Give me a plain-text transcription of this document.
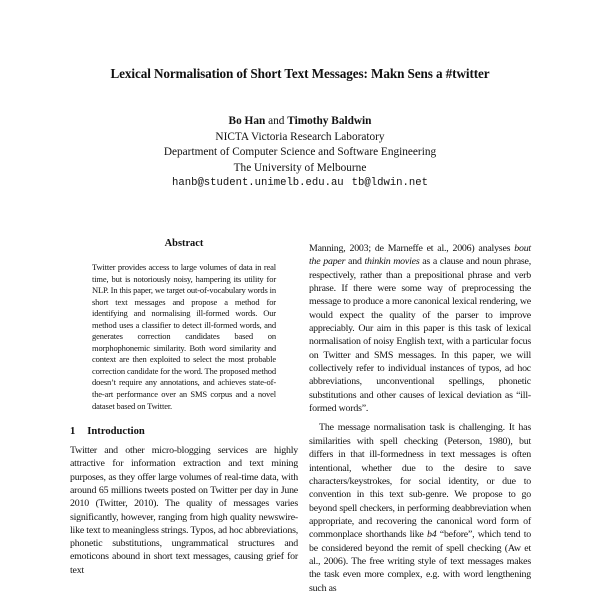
Lexical Normalisation of Short Text Messages: Makn Sens a #twitter
Bo Han and Timothy Baldwin
NICTA Victoria Research Laboratory
Department of Computer Science and Software Engineering
The University of Melbourne
hanb@student.unimelb.edu.au tb@ldwin.net
Abstract

Twitter provides access to large volumes of data in real time, but is notoriously noisy, hampering its utility for NLP. In this paper, we target out-of-vocabulary words in short text messages and propose a method for identifying and normalising ill-formed words. Our method uses a classifier to detect ill-formed words, and generates correction candidates based on morphophonemic similarity. Both word similarity and context are then exploited to select the most probable correction candidate for the word. The proposed method doesn’t require any annotations, and achieves state-of-the-art performance over an SMS corpus and a novel dataset based on Twitter.

1 Introduction

Twitter and other micro-blogging services are highly attractive for information extraction and text mining purposes, as they offer large volumes of real-time data, with around 65 millions tweets posted on Twitter per day in June 2010 (Twitter, 2010). The quality of messages varies significantly, however, ranging from high quality newswire-like text to meaningless strings. Typos, ad hoc abbreviations, phonetic substitutions, ungrammatical structures and emoticons abound in short text messages, causing grief for text

Manning, 2003; de Marneffe et al., 2006) analyses bout the paper and thinkin movies as a clause and noun phrase, respectively, rather than a prepositional phrase and verb phrase. If there were some way of preprocessing the message to produce a more canonical lexical rendering, we would expect the quality of the parser to improve appreciably. Our aim in this paper is this task of lexical normalisation of noisy English text, with a particular focus on Twitter and SMS messages. In this paper, we will collectively refer to individual instances of typos, ad hoc abbreviations, unconventional spellings, phonetic substitutions and other causes of lexical deviation as “ill-formed words”.

The message normalisation task is challenging. It has similarities with spell checking (Peterson, 1980), but differs in that ill-formedness in text messages is often intentional, whether due to the desire to save characters/keystrokes, for social identity, or due to convention in this text sub-genre. We propose to go beyond spell checkers, in performing deabbreviation when appropriate, and recovering the canonical word form of commonplace shorthands like b4 “before”, which tend to be considered beyond the remit of spell checking (Aw et al., 2006). The free writing style of text messages makes the task even more complex, e.g. with word lengthening such as
